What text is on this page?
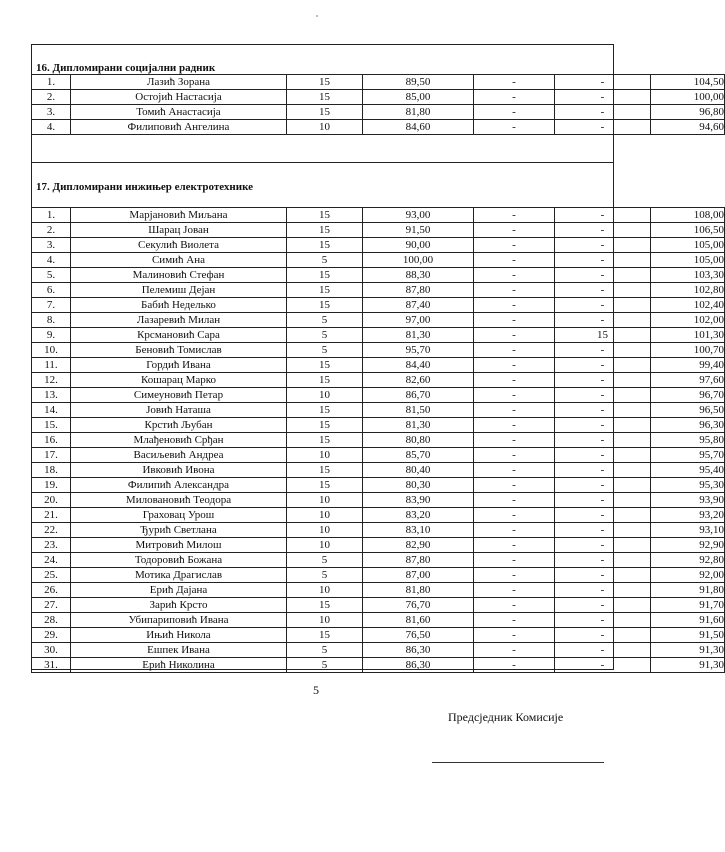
16. Дипломирани социјални радник
1.	Лазић Зорана	15	89,50	-	-	104,50
2.	Остојић Настасија	15	85,00	-	-	100,00
3.	Томић Анастасија	15	81,80	-	-	96,80
4.	Филиповић Ангелина	10	84,60	-	-	94,60
17. Дипломирани инжињер електротехнике
1.	Марјановић Миљана	15	93,00	-	-	108,00
2.	Шарац Јован	15	91,50	-	-	106,50
3.	Секулић Виолета	15	90,00	-	-	105,00
4.	Симић Ана	5	100,00	-	-	105,00
5.	Малиновић Стефан	15	88,30	-	-	103,30
6.	Пелемиш Дејан	15	87,80	-	-	102,80
7.	Бабић Неделько	15	87,40	-	-	102,40
8.	Лазаревић Милан	5	97,00	-	-	102,00
9.	Крсмановић Сара	5	81,30	-	15	101,30
10.	Беновић Томислав	5	95,70	-	-	100,70
11.	Гордић Ивана	15	84,40	-	-	99,40
12.	Кошарац Марко	15	82,60	-	-	97,60
13.	Симеуновић Петар	10	86,70	-	-	96,70
14.	Јовић Наташа	15	81,50	-	-	96,50
15.	Крстић Љубан	15	81,30	-	-	96,30
16.	Млађеновић Срђан	15	80,80	-	-	95,80
17.	Васиљевић Андреа	10	85,70	-	-	95,70
18.	Ивковић Ивона	15	80,40	-	-	95,40
19.	Филипић Александра	15	80,30	-	-	95,30
20.	Миловановић Теодора	10	83,90	-	-	93,90
21.	Граховац Урош	10	83,20	-	-	93,20
22.	Ђурић Светлана	10	83,10	-	-	93,10
23.	Митровић Милош	10	82,90	-	-	92,90
24.	Тодоровић Божана	5	87,80	-	-	92,80
25.	Мотика Драгислав	5	87,00	-	-	92,00
26.	Ерић Дајана	10	81,80	-	-	91,80
27.	Зарић Крсто	15	76,70	-	-	91,70
28.	Убипариповић Ивана	10	81,60	-	-	91,60
29.	Ињић Никола	15	76,50	-	-	91,50
30.	Ешпек Ивана	5	86,30	-	-	91,30
31.	Ерић Николина	5	86,30	-	-	91,30
5
Предсједник Комисије
